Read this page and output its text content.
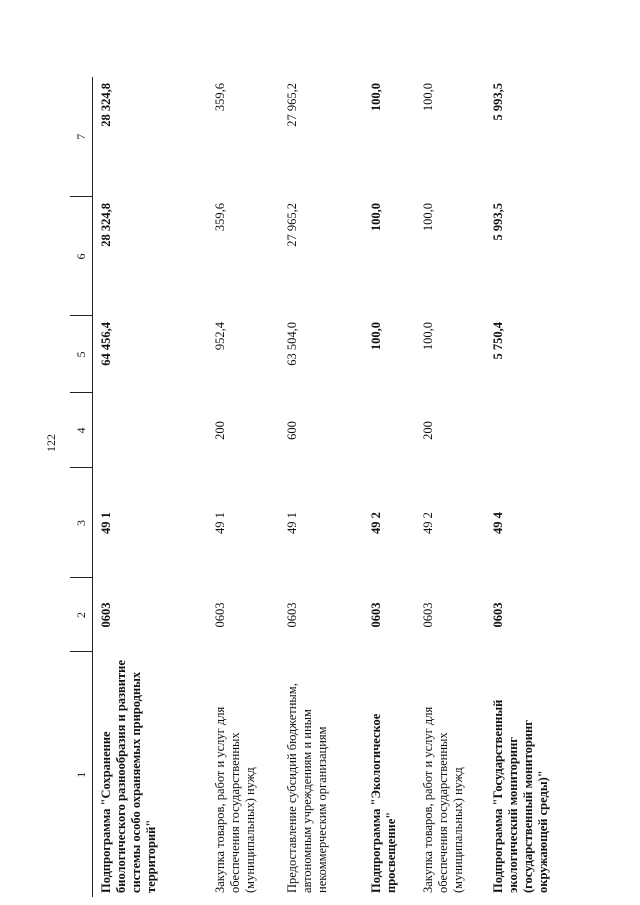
122
1	2	3	4	5	6	7
Подпрограмма "Сохранение биологического разнообразия и развитие системы особо охраняемых природных территорий"	0603	49 1		64 456,4	28 324,8	28 324,8
Закупка товаров, работ и услуг для обеспечения государственных (муниципальных) нужд	0603	49 1	200	952,4	359,6	359,6
Предоставление субсидий бюджетным, автономным учреждениям и иным некоммерческим организациям	0603	49 1	600	63 504,0	27 965,2	27 965,2
Подпрограмма "Экологическое просвещение"	0603	49 2		100,0	100,0	100,0
Закупка товаров, работ и услуг для обеспечения государственных (муниципальных) нужд	0603	49 2	200	100,0	100,0	100,0
Подпрограмма "Государственный экологический мониторинг (государственный мониторинг окружающей среды)"	0603	49 4		5 750,4	5 993,5	5 993,5
